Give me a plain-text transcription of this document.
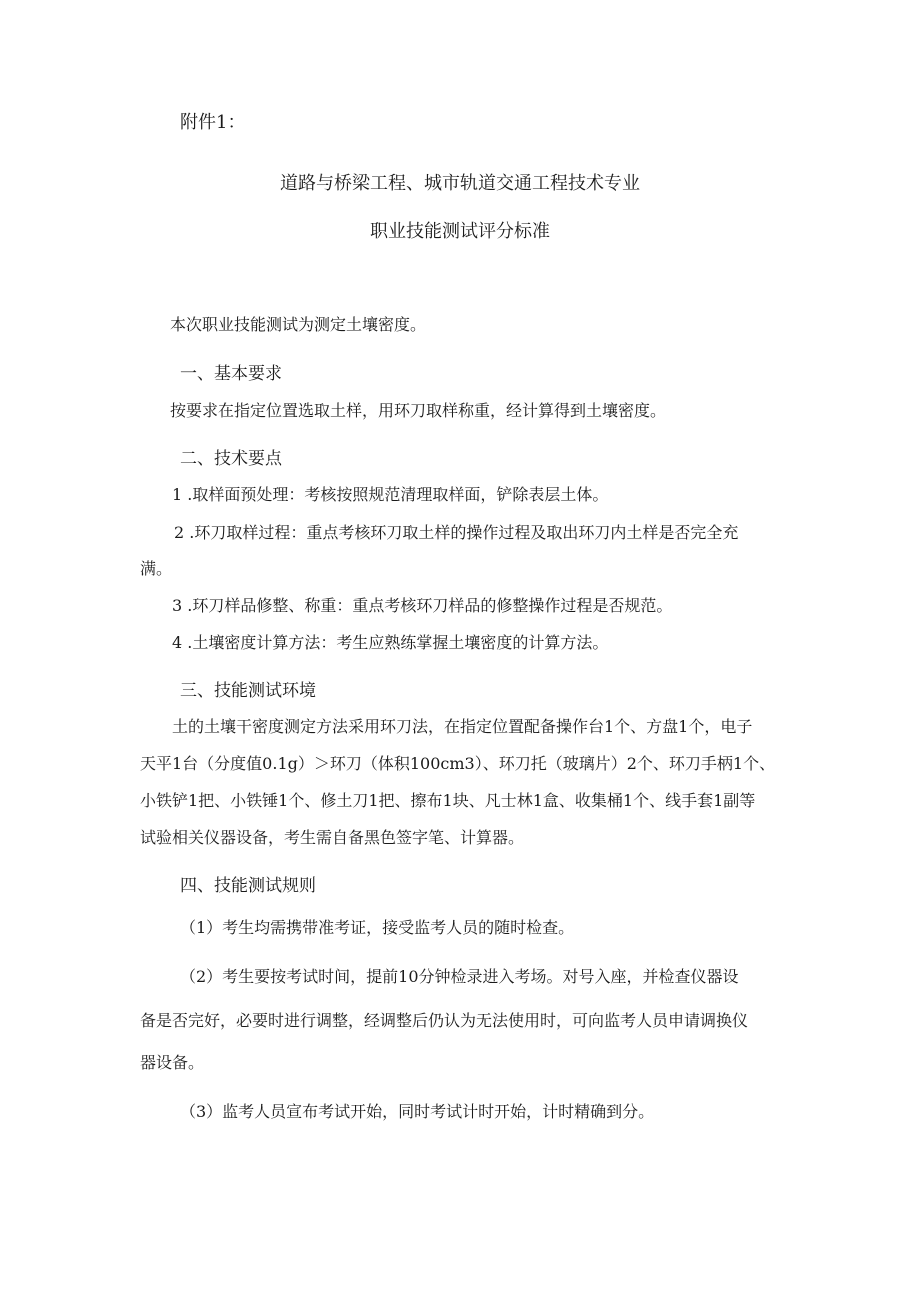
附件1：
道路与桥梁工程、城市轨道交通工程技术专业
职业技能测试评分标准
本次职业技能测试为测定土壤密度。
一、基本要求
按要求在指定位置选取土样，用环刀取样称重，经计算得到土壤密度。
二、技术要点
1 .取样面预处理：考核按照规范清理取样面，铲除表层土体。
2 .环刀取样过程：重点考核环刀取土样的操作过程及取出环刀内土样是否完全充
满。
3 .环刀样品修整、称重：重点考核环刀样品的修整操作过程是否规范。
4 .土壤密度计算方法：考生应熟练掌握土壤密度的计算方法。
三、技能测试环境
土的土壤干密度测定方法采用环刀法，在指定位置配备操作台1个、方盘1个，电子
天平1台（分度值0.1g）＞环刀（体积100cm3）、环刀托（玻璃片）2个、环刀手柄1个、
小铁铲1把、小铁锤1个、修土刀1把、擦布1块、凡士林1盒、收集桶1个、线手套1副等
试验相关仪器设备，考生需自备黑色签字笔、计算器。
四、技能测试规则
（1）考生均需携带准考证，接受监考人员的随时检查。
（2）考生要按考试时间，提前10分钟检录进入考场。对号入座，并检查仪器设
备是否完好，必要时进行调整，经调整后仍认为无法使用时，可向监考人员申请调换仪
器设备。
（3）监考人员宣布考试开始，同时考试计时开始，计时精确到分。
